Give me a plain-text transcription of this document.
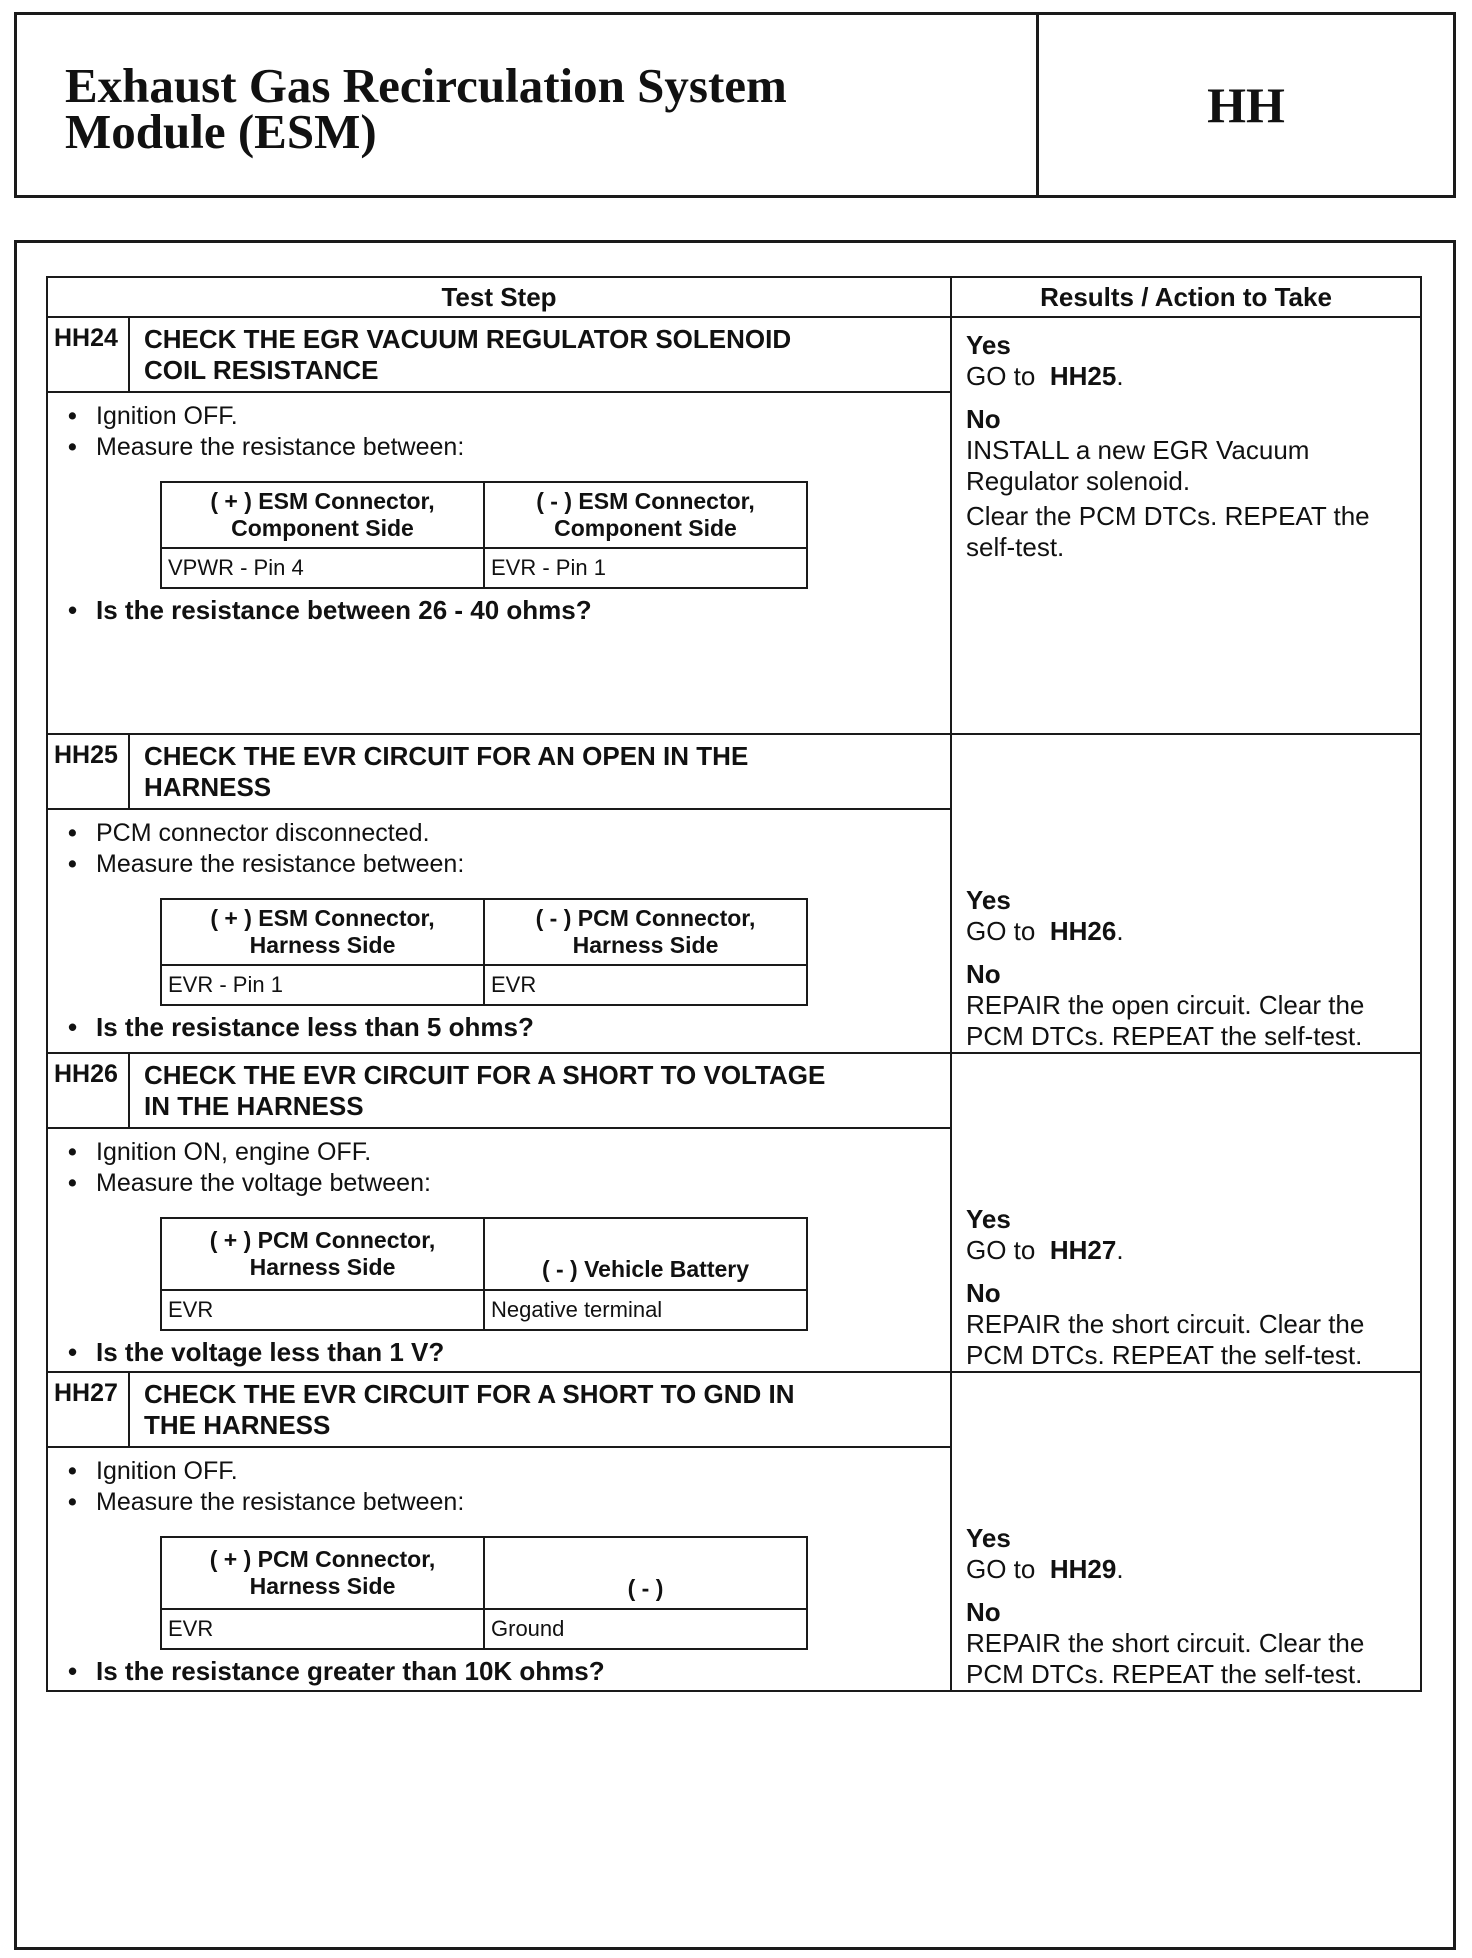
Exhaust Gas Recirculation System
Module (ESM)	HH
Test Step	Results / Action to Take
HH24	CHECK THE EGR VACUUM REGULATOR SOLENOID
COIL RESISTANCE

Yes
GO to HH25.
No
INSTALL a new EGR Vacuum Regulator solenoid.
Clear the PCM DTCs. REPEAT the self-test.

• Ignition OFF.
• Measure the resistance between:
( + ) ESM Connector, Component Side	( - ) ESM Connector, Component Side
VPWR - Pin 4	EVR - Pin 1
• Is the resistance between 26 - 40 ohms?

HH25	CHECK THE EVR CIRCUIT FOR AN OPEN IN THE
HARNESS

Yes
GO to HH26.
No
REPAIR the open circuit. Clear the PCM DTCs. REPEAT the self-test.

• PCM connector disconnected.
• Measure the resistance between:
( + ) ESM Connector, Harness Side	( - ) PCM Connector, Harness Side
EVR - Pin 1	EVR
• Is the resistance less than 5 ohms?

HH26	CHECK THE EVR CIRCUIT FOR A SHORT TO VOLTAGE
IN THE HARNESS

Yes
GO to HH27.
No
REPAIR the short circuit. Clear the PCM DTCs. REPEAT the self-test.

• Ignition ON, engine OFF.
• Measure the voltage between:
( + ) PCM Connector, Harness Side	( - ) Vehicle Battery
EVR	Negative terminal
• Is the voltage less than 1 V?

HH27	CHECK THE EVR CIRCUIT FOR A SHORT TO GND IN
THE HARNESS

Yes
GO to HH29.
No
REPAIR the short circuit. Clear the PCM DTCs. REPEAT the self-test.

• Ignition OFF.
• Measure the resistance between:
( + ) PCM Connector, Harness Side	( - )
EVR	Ground
• Is the resistance greater than 10K ohms?
